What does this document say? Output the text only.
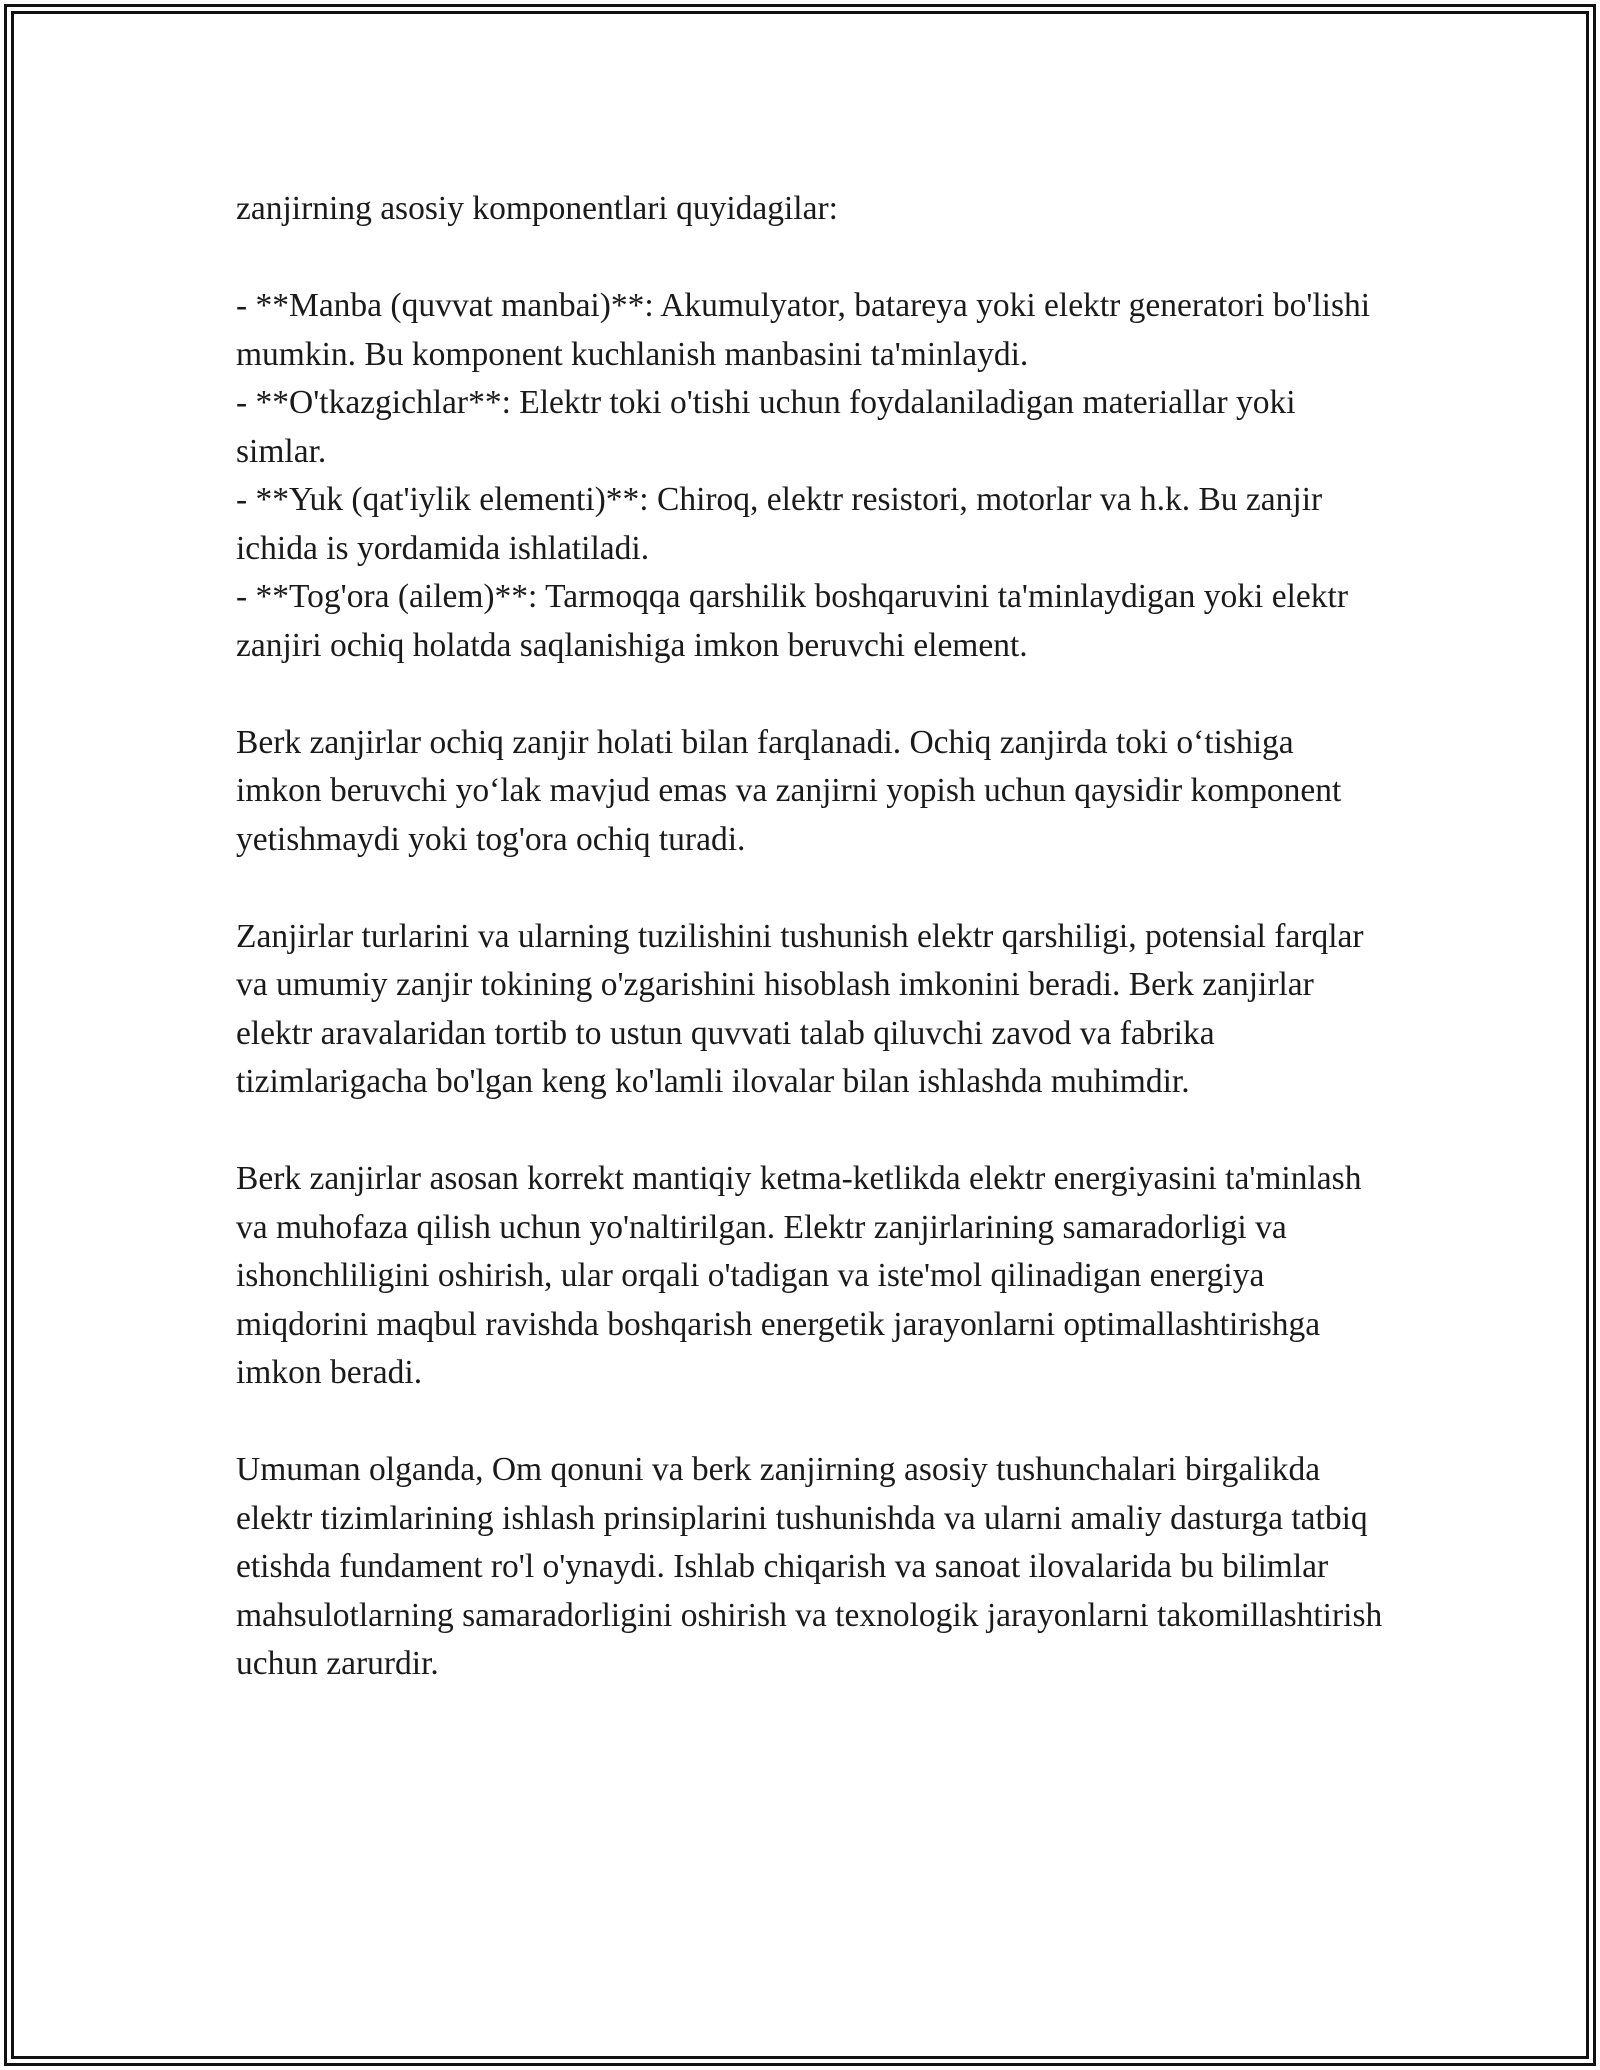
zanjirning asosiy komponentlari quyidagilar:

- **Manba (quvvat manbai)**: Akumulyator, batareya yoki elektr generatori bo'lishi mumkin. Bu komponent kuchlanish manbasini ta'minlaydi.
- **O'tkazgichlar**: Elektr toki o'tishi uchun foydalaniladigan materiallar yoki simlar.
- **Yuk (qat'iylik elementi)**: Chiroq, elektr resistori, motorlar va h.k. Bu zanjir ichida is yordamida ishlatiladi.
- **Tog'ora (ailem)**: Tarmoqqa qarshilik boshqaruvini ta'minlaydigan yoki elektr zanjiri ochiq holatda saqlanishiga imkon beruvchi element.

Berk zanjirlar ochiq zanjir holati bilan farqlanadi. Ochiq zanjirda toki o‘tishiga imkon beruvchi yo‘lak mavjud emas va zanjirni yopish uchun qaysidir komponent yetishmaydi yoki tog'ora ochiq turadi.

Zanjirlar turlarini va ularning tuzilishini tushunish elektr qarshiligi, potensial farqlar va umumiy zanjir tokining o'zgarishini hisoblash imkonini beradi. Berk zanjirlar elektr aravalaridan tortib to ustun quvvati talab qiluvchi zavod va fabrika tizimlarigacha bo'lgan keng ko'lamli ilovalar bilan ishlashda muhimdir.

Berk zanjirlar asosan korrekt mantiqiy ketma-ketlikda elektr energiyasini ta'minlash va muhofaza qilish uchun yo'naltirilgan. Elektr zanjirlarining samaradorligi va ishonchliligini oshirish, ular orqali o'tadigan va iste'mol qilinadigan energiya miqdorini maqbul ravishda boshqarish energetik jarayonlarni optimallashtirishga imkon beradi.

Umuman olganda, Om qonuni va berk zanjirning asosiy tushunchalari birgalikda elektr tizimlarining ishlash prinsiplarini tushunishda va ularni amaliy dasturga tatbiq etishda fundament ro'l o'ynaydi. Ishlab chiqarish va sanoat ilovalarida bu bilimlar mahsulotlarning samaradorligini oshirish va texnologik jarayonlarni takomillashtirish uchun zarurdir.
